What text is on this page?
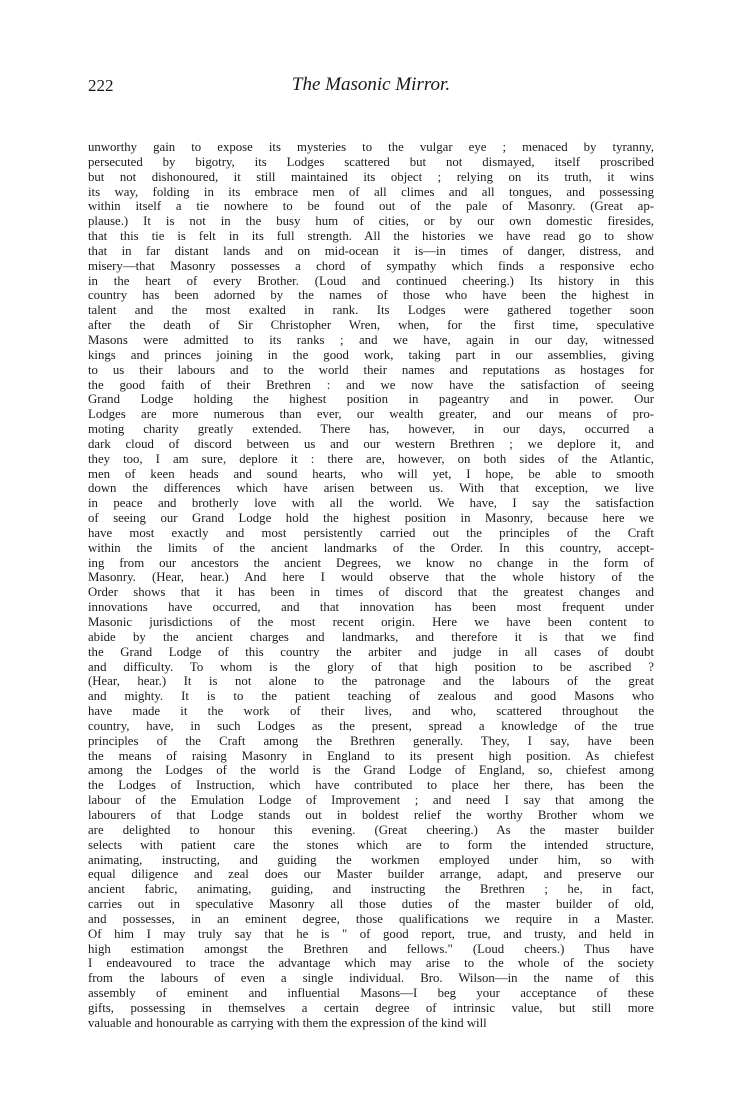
222	The Masonic Mirror.
unworthy gain to expose its mysteries to the vulgar eye ; menaced by tyranny,
persecuted by bigotry, its Lodges scattered but not dismayed, itself proscribed
but not dishonoured, it still maintained its object ; relying on its truth, it wins
its way, folding in its embrace men of all climes and all tongues, and possessing
within itself a tie nowhere to be found out of the pale of Masonry. (Great ap-
plause.) It is not in the busy hum of cities, or by our own domestic firesides,
that this tie is felt in its full strength. All the histories we have read go to show
that in far distant lands and on mid-ocean it is—in times of danger, distress, and
misery—that Masonry possesses a chord of sympathy which finds a responsive echo
in the heart of every Brother. (Loud and continued cheering.) Its history in this
country has been adorned by the names of those who have been the highest in
talent and the most exalted in rank. Its Lodges were gathered together soon
after the death of Sir Christopher Wren, when, for the first time, speculative
Masons were admitted to its ranks ; and we have, again in our day, witnessed
kings and princes joining in the good work, taking part in our assemblies, giving
to us their labours and to the world their names and reputations as hostages for
the good faith of their Brethren : and we now have the satisfaction of seeing
Grand Lodge holding the highest position in pageantry and in power. Our
Lodges are more numerous than ever, our wealth greater, and our means of pro-
moting charity greatly extended. There has, however, in our days, occurred a
dark cloud of discord between us and our western Brethren ; we deplore it, and
they too, I am sure, deplore it : there are, however, on both sides of the Atlantic,
men of keen heads and sound hearts, who will yet, I hope, be able to smooth
down the differences which have arisen between us. With that exception, we live
in peace and brotherly love with all the world. We have, I say the satisfaction
of seeing our Grand Lodge hold the highest position in Masonry, because here we
have most exactly and most persistently carried out the principles of the Craft
within the limits of the ancient landmarks of the Order. In this country, accept-
ing from our ancestors the ancient Degrees, we know no change in the form of
Masonry. (Hear, hear.) And here I would observe that the whole history of the
Order shows that it has been in times of discord that the greatest changes and
innovations have occurred, and that innovation has been most frequent under
Masonic jurisdictions of the most recent origin. Here we have been content to
abide by the ancient charges and landmarks, and therefore it is that we find
the Grand Lodge of this country the arbiter and judge in all cases of doubt
and difficulty. To whom is the glory of that high position to be ascribed ?
(Hear, hear.) It is not alone to the patronage and the labours of the great
and mighty. It is to the patient teaching of zealous and good Masons who
have made it the work of their lives, and who, scattered throughout the
country, have, in such Lodges as the present, spread a knowledge of the true
principles of the Craft among the Brethren generally. They, I say, have been
the means of raising Masonry in England to its present high position. As chiefest
among the Lodges of the world is the Grand Lodge of England, so, chiefest among
the Lodges of Instruction, which have contributed to place her there, has been the
labour of the Emulation Lodge of Improvement ; and need I say that among the
labourers of that Lodge stands out in boldest relief the worthy Brother whom we
are delighted to honour this evening. (Great cheering.) As the master builder
selects with patient care the stones which are to form the intended structure,
animating, instructing, and guiding the workmen employed under him, so with
equal diligence and zeal does our Master builder arrange, adapt, and preserve our
ancient fabric, animating, guiding, and instructing the Brethren ; he, in fact,
carries out in speculative Masonry all those duties of the master builder of old,
and possesses, in an eminent degree, those qualifications we require in a Master.
Of him I may truly say that he is " of good report, true, and trusty, and held in
high estimation amongst the Brethren and fellows." (Loud cheers.) Thus have
I endeavoured to trace the advantage which may arise to the whole of the society
from the labours of even a single individual. Bro. Wilson—in the name of this
assembly of eminent and influential Masons—I beg your acceptance of these
gifts, possessing in themselves a certain degree of intrinsic value, but still more
valuable and honourable as carrying with them the expression of the kind will
